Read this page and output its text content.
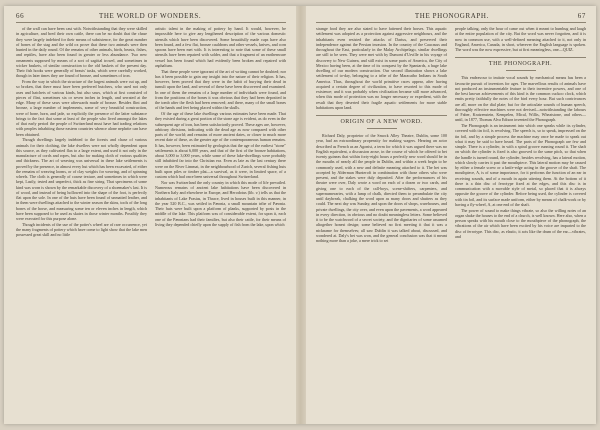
66	THE WORLD OF WONDERS.

of the wall can have been cast with. Notwithstanding that they were skilled in agriculture, and bred their own cattle, there can be no doubt that the chase they were largely indebted for their means of subsistence, for the great number of bones of the stag and the wild ox prove that these two animals were then hunted in the daily round. Of the remains of other animals, birds, beasts, fishes, and reptiles, have also been found in greater or less abundance. Two new ornaments supposed by means of a sort of sagittal trowel, and sometimes in wicker baskets, of similar construction to the old baskets of the present day. Their fish hooks were generally of beasts' tusks, which were carefully worked, though in later times they are found of bronze, and sometimes of iron.

From the way in which the structure of the largest animals were cut up, and so broken, that there must have been preferred butchers, who used not only axes and hatchets of various kinds, but also saws, which at first consisted of pieces of flint, sometimes six or seven inches in length, and serrated at the edge. Many of these saws were afterwards made of bronze. Besides flint and bronze, a large number of implements, some of very beautiful construction, were of bone, horn, and jade, so explicitly the presence of the latter substance brings to the fact that some at least of the people who lived amongst the lakes of that early period the people of Switzerland must have had trading relations with peoples inhabiting those eastern countries whence alone nephrite can have been obtained.

Though dwellings largely indebted to the forests and chase of various animals for their clothing, the lake dwellers were not wholly dependent upon this source, as they cultivated flax to a large extent, and used it not only in the manufacture of cords and ropes, but also for making cloth of various qualities and thickness. The art of weaving was universal in these lake settlements is proved by the presence, in almost every hut which has been excavated, of either the remains of weaving looms, or of clay weights for weaving, and of spinning wheels. The cloth is generally of coarse texture, and sometimes in which were kept, Lastly, tested and unperfect, thick as fine string. That specimens of some kind was worn is shown by the remarkable discovery of a shoemaker's last. It is of wood, and instead of being hollowed into the shape of the foot, is perfectly flat upon the sole. In one of the huts have been found of unmatted leather, and in them were dwellings attached to the winter season the skins, tools of the long bones of the horse, and measuring some ten or eleven inches in length, which have been supposed to be used as skates in those winter months. Possibly they were executed for this purpose alone.

Though incidents of the use of the potter's wheel are of rare occurrence, yet the many fragments of pottery which have come to light show that the lake men possessed great skill and no little

artistic talent in the making of pottery by hand. It would, however, be impossible here to give any lengthened description of the various domestic utensils which have been discovered. Some beautifully made cups have also been found, and a few flat, bronze cauldrons and other vessels, knives, and corn spoons have been met with. It is interesting to note that some of these small utensils have been repaired with solder, and that a fragment of an earthenware vessel has been found which had evidently been broken and repaired with asphaltum.

That these people were ignorant of the art of writing cannot be doubted; nor has it been possible to gain any insight into the nature of their religion. It has, however, been proved that they were in the habit of burying their dead in tumuli upon the land, and several of these have been discovered and examined. In one of them the remains of a large number of individuals were found, and from the positions of the bones it was obvious that they had been deposited in the tomb after the flesh had been removed; and there, many of the small bones of the hands and feet being placed within the skulls.

Of the age of these lake dwellings various estimates have been made. That they existed during a great portion of the stone age is evident, as do even in the subsequent age of iron, has been satisfactorily proved. These ages are, however, arbitrary divisions, indicating with the dead age as now compared with other parts of the world; and remains of more ancient dates, or closer to much more recent date of these, as the greater age of the contemporaneous human remains. It has, however, been estimated by geologists that the age of the earliest "stone" settlements is about 6,000 years, and that of the first of the bronze habitations, about 3,000 to 3,000 years, while some of these lake-dwellings were probably still inhabited far into the Christian era. Even as late as the last century there were on the River Limmat, in the neighbourhood of Zurich, several fishing huts built upon piles or timber plat—a survival, as it were, in limited space, of a custom which had once been universal throughout Switzerland.

Nor was Switzerland the only country in which this mode of life prevailed. Numerous remains of ancient lake habitations have been discovered in Northern Italy and elsewhere in Europe, and Herodotus (lib. v.) tells us that the inhabitants of Lake Prasias, in Thrace, lived in houses built in this manner, in the year 520 B.C., was settled in Pæonia, a small mountain tribe of Pæonia. Their huts were built upon a platform of planks, supported by posts in the middle of the lake. This platform was of considerable extent, for upon it, each one of the Pæonians had their families, but also their cattle, for their means of living they depended chiefly upon the supply of fish from the lake, upon which

THE PHONOGRAPH.	67

strange food they are also stated to have fattened their horses. This aquatic settlement was adopted as a protection against aggressive neighbours, and the inhabitants even resisted the attacks of Darius, and preserved their independence against the Persian invasion. In the country of the Caucasus and throughout the East, particularly in the Malay Archipelago, similar dwellings are still to be seen. They were met with by Dumont d'Urville in his voyage of discovery to New Guinea, and still exist in some parts of America, the City of Mexico having been, at the time of its conquest by the Spaniards, a huge lake dwelling of our modern construction. Our second illustration shows a lake settlement of to-day, belonging to a tribe of the Maracaibo Indians in South America. Thus, throughout the world primitive races appear, after having acquired a certain degree of civilization, to have resorted to this mode of existence; and it was probably when civilization became still more advanced, when this mode of protection was no longer necessary or expedient, with the result that they deserted their fragile aquatic settlements for more stable habitations upon land.

ORIGIN OF A NEW WORD.

Richard Daly, proprietor of the Smock Alley Theatre, Dublin, some 100 year, had an extraordinary propensity for making wagers. Hearing an actor described as French as an Agonist, a term for which it was argued there was no English equivalent, a discussion arose, in the course of which he offered to bet twenty guineas that within forty-eight hours a perfectly new word should be in the mouths of nearly all the people in Dublin, and within a week begin to be commonly used, with a new and definite meaning attached to it. The bet was accepted by Alderman Hunteroft in combination with those others who were present, and the stakes were duly deposited. After the performances of his theatre were over, Daly wrote a word on each of a dozen or two cards, and giving one to each of the call-boys, scene-shifters, carpenters, and supernumeraries, with a lump of chalk, directed them to perambulate the city until daybreak, chalking the word upon as many doors and shutters as they could. The next day was Sunday, and upon the doors of shops, warehouses, and private dwellings, the city over, and even upon the pavements, a word appeared in every direction, in obvious and no doubt meaningless letters. Some believed it to be the watchword of a secret society, and the dignitaries of some assumed altogether honest design; some believed no first meeting it that it was a nickname for themselves; all saw Dublin it was talked about, discussed, and wondered at. Daly's bet was won, and the general conclusion was that it meant nothing more than a joke, a mere trick to set

people talking, only the hour of came out when it meant to humbug and laugh at the entire population of the city. But the word was never forgotten, and it is now in common use, with a well-defined meaning attached to it, not only in England, America, Canada, in short, wherever the English language is spoken. The word was the now expressive, but at first meaningless, one—QUIZ.

THE PHONOGRAPH.

This endeavour to imitate vocal sounds by mechanical means has been a favourite pursuit of inventors for ages. The marvellous results of animals have not produced an instrumentable feature to their inventive powers, and one of the best known achievements of this kind is the common cuckoo clock, which emits pretty faithfully the notes of the bird every hour. But such contrivances are all, more on the dial plate; but for the articulate sounds of human speech, thoroughly effective machines were not devised—notwithstanding the labours of Faber, Kratzenstein, Kempelen, Mical, Willis, Wheatstone, and others—until, in 1877, Thomas Alva Edison invented the Phonograph.

The Phonograph is an instrument into which one speaks while its cylinder, covered with tin foil, is revolving. The speech is, so to speak, impressed on the tin foil, and by a simple process the machine may once be made to speak out what it may be said to have heard. The parts of the Phonograph are few and simple. There is a cylinder, in with a spiral groove running round it. The shaft on which the cylinder is fixed is also grooved to the same pitch, so that when the handle is turned round, the cylinder, besides revolving, has a lateral motion, which slowly carries it past the mouthpiece. This lateral motion may be caused by either a female screw or a knife-edge acting in the groove of the shaft. The mouthpiece, A, is of some importance, for it performs the function of an ear in receiving sounds, and of a mouth in again uttering them. At the bottom of it there is a thin disc of ferrotype fixed at the edges, and this disc is in communication with a movable style of metal, so placed that it is always opposite the groove of the cylinder. Before being used, the cylinder is covered with tin foil, and its surface made uniform, either by means of chalk-work or by having a fly-wheel, A, at one end of the shaft.

The power of sound to make things vibrate, so also the willing notes of an organ shake the houses to the end of a church, is well known. Here also, when a person speaks with his mouth close to the mouthpiece of the phonograph, the vibrations of the air which have been excited by his voice are imparted to the disc of ferrotype. This disc, as elastic, it acts like the drum of the ear—vibrates, and
